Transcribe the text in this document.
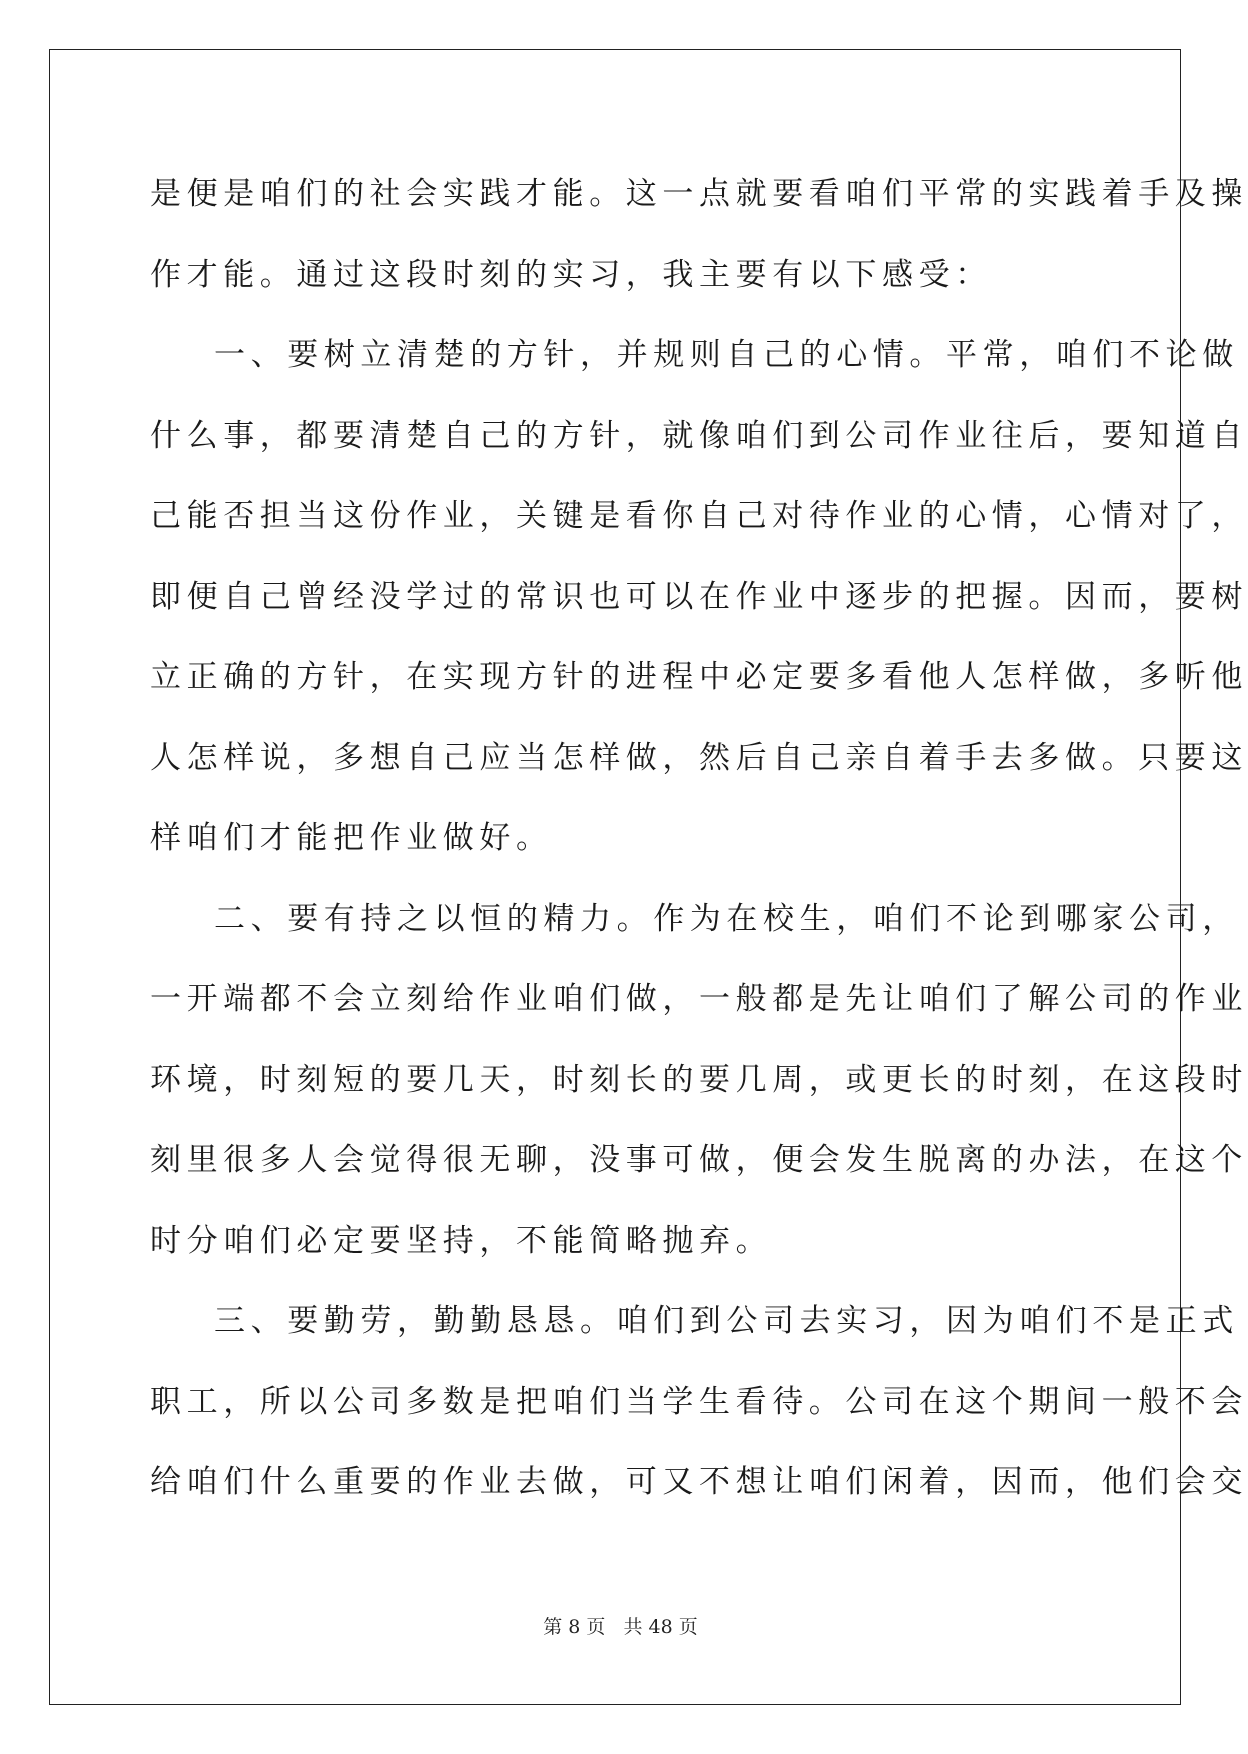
是便是咱们的社会实践才能。这一点就要看咱们平常的实践着手及操
作才能。通过这段时刻的实习，我主要有以下感受：
一、要树立清楚的方针，并规则自己的心情。平常，咱们不论做
什么事，都要清楚自己的方针，就像咱们到公司作业往后，要知道自
己能否担当这份作业，关键是看你自己对待作业的心情，心情对了，
即便自己曾经没学过的常识也可以在作业中逐步的把握。因而，要树
立正确的方针，在实现方针的进程中必定要多看他人怎样做，多听他
人怎样说，多想自己应当怎样做，然后自己亲自着手去多做。只要这
样咱们才能把作业做好。
二、要有持之以恒的精力。作为在校生，咱们不论到哪家公司，
一开端都不会立刻给作业咱们做，一般都是先让咱们了解公司的作业
环境，时刻短的要几天，时刻长的要几周，或更长的时刻，在这段时
刻里很多人会觉得很无聊，没事可做，便会发生脱离的办法，在这个
时分咱们必定要坚持，不能简略抛弃。
三、要勤劳，勤勤恳恳。咱们到公司去实习，因为咱们不是正式
职工，所以公司多数是把咱们当学生看待。公司在这个期间一般不会
给咱们什么重要的作业去做，可又不想让咱们闲着，因而，他们会交
第 8 页 共 48 页
